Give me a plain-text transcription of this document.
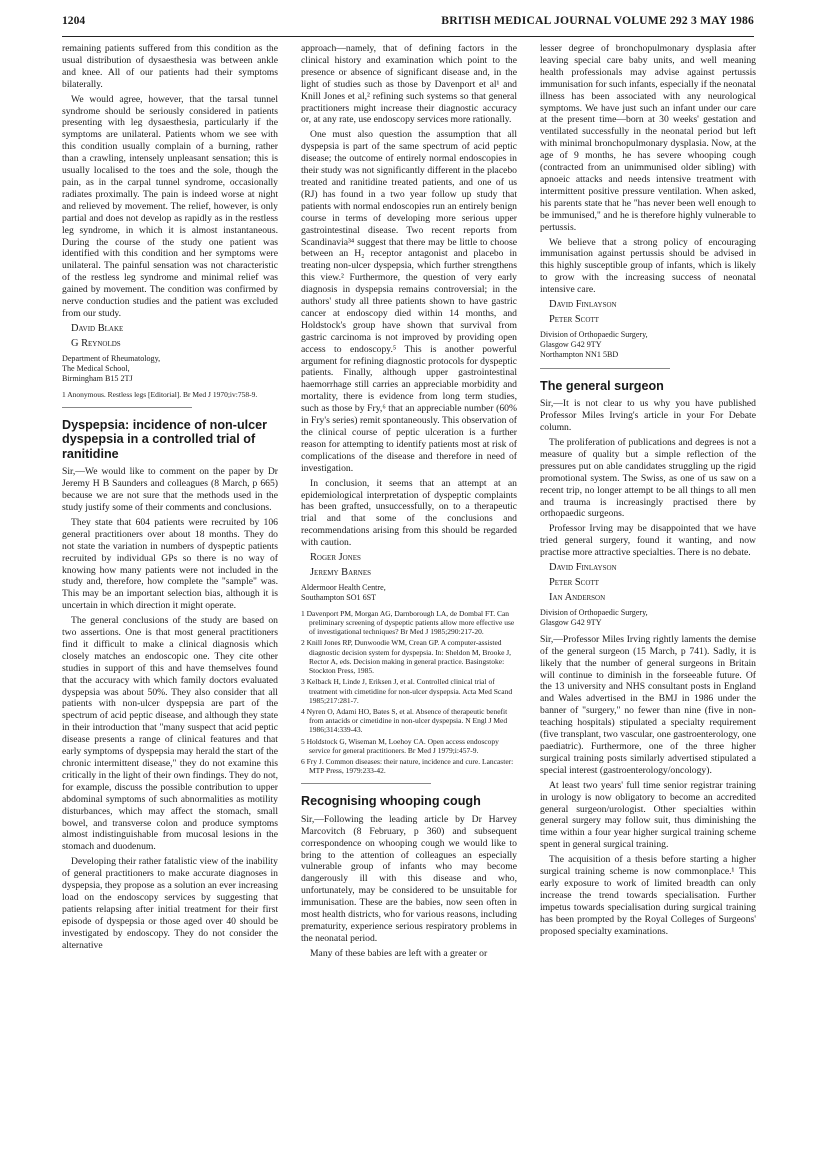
1204	BRITISH MEDICAL JOURNAL VOLUME 292 3 MAY 1986

remaining patients suffered from this condition as the usual distribution of dysaesthesia was between ankle and knee. All of our patients had their symptoms bilaterally.

We would agree, however, that the tarsal tunnel syndrome should be seriously considered in patients presenting with leg dysaesthesia, particularly if the symptoms are unilateral. Patients whom we see with this condition usually complain of a burning, rather than a crawling, intensely unpleasant sensation; this is usually localised to the toes and the sole, though the pain, as in the carpal tunnel syndrome, occasionally radiates proximally. The pain is indeed worse at night and relieved by movement. The relief, however, is only partial and does not develop as rapidly as in the restless leg syndrome, in which it is almost instantaneous. During the course of the study one patient was identified with this condition and her symptoms were unilateral. The painful sensation was not characteristic of the restless leg syndrome and minimal relief was gained by movement. The condition was confirmed by nerve conduction studies and the patient was excluded from our study.

David Blake

G Reynolds

Department of Rheumatology,
The Medical School,
Birmingham B15 2TJ
1 Anonymous. Restless legs [Editorial]. Br Med J 1970;iv:758-9.
Dyspepsia: incidence of non-ulcer dyspepsia in a controlled trial of ranitidine

Sir,—We would like to comment on the paper by Dr Jeremy H B Saunders and colleagues (8 March, p 665) because we are not sure that the methods used in the study justify some of their comments and conclusions.

They state that 604 patients were recruited by 106 general practitioners over about 18 months. They do not state the variation in numbers of dyspeptic patients recruited by individual GPs so there is no way of knowing how many patients were not included in the study and, therefore, how complete the "sample" was. This may be an important selection bias, although it is uncertain in which direction it might operate.

The general conclusions of the study are based on two assertions. One is that most general practitioners find it difficult to make a clinical diagnosis which closely matches an endoscopic one. They cite other studies in support of this and have themselves found that the accuracy with which family doctors evaluated dyspepsia was about 50%. They also consider that all patients with non-ulcer dyspepsia are part of the spectrum of acid peptic disease, and although they state in their introduction that "many suspect that acid peptic disease presents a range of clinical features and that early symptoms of dyspepsia may herald the start of the chronic intermittent disease," they do not examine this critically in the light of their own findings. They do not, for example, discuss the possible contribution to upper abdominal symptoms of such abnormalities as motility disturbances, which may affect the stomach, small bowel, and transverse colon and produce symptoms almost indistinguishable from mucosal lesions in the stomach and duodenum.

Developing their rather fatalistic view of the inability of general practitioners to make accurate diagnoses in dyspepsia, they propose as a solution an ever increasing load on the endoscopy services by suggesting that patients relapsing after initial treatment for their first episode of dyspepsia or those aged over 40 should be investigated by endoscopy. They do not consider the alternative

approach—namely, that of defining factors in the clinical history and examination which point to the presence or absence of significant disease and, in the light of studies such as those by Davenport et al¹ and Knill Jones et al,² refining such systems so that general practitioners might increase their diagnostic accuracy or, at any rate, use endoscopy services more rationally.

One must also question the assumption that all dyspepsia is part of the same spectrum of acid peptic disease; the outcome of entirely normal endoscopies in their study was not significantly different in the placebo treated and ranitidine treated patients, and one of us (RJ) has found in a two year follow up study that patients with normal endoscopies run an entirely benign course in terms of developing more serious upper gastrointestinal disease. Two recent reports from Scandinavia³⁴ suggest that there may be little to choose between an H₂ receptor antagonist and placebo in treating non-ulcer dyspepsia, which further strengthens this view.² Furthermore, the question of very early diagnosis in dyspepsia remains controversial; in the authors' study all three patients shown to have gastric cancer at endoscopy died within 14 months, and Holdstock's group have shown that survival from gastric carcinoma is not improved by providing open access to endoscopy.⁵ This is another powerful argument for refining diagnostic protocols for dyspeptic patients. Finally, although upper gastrointestinal haemorrhage still carries an appreciable morbidity and mortality, there is evidence from long term studies, such as those by Fry,⁶ that an appreciable number (60% in Fry's series) remit spontaneously. This observation of the clinical course of peptic ulceration is a further reason for attempting to identify patients most at risk of complications of the disease and therefore in need of investigation.

In conclusion, it seems that an attempt at an epidemiological interpretation of dyspeptic complaints has been grafted, unsuccessfully, on to a therapeutic trial and that some of the conclusions and recommendations arising from this should be regarded with caution.

Roger Jones

Jeremy Barnes

Aldermoor Health Centre,
Southampton SO1 6ST
1 Davenport PM, Morgan AG, Darnborough LA, de Dombal FT. Can preliminary screening of dyspeptic patients allow more effective use of investigational techniques? Br Med J 1985;290:217-20.
2 Knill Jones RP, Dunwoodie WM, Crean GP. A computer-assisted diagnostic decision system for dyspepsia. In: Sheldon M, Brooke J, Rector A, eds. Decision making in general practice. Basingstoke: Stockton Press, 1985.
3 Kelback H, Linde J, Eriksen J, et al. Controlled clinical trial of treatment with cimetidine for non-ulcer dyspepsia. Acta Med Scand 1985;217:281-7.
4 Nyren O, Adami HO, Bates S, et al. Absence of therapeutic benefit from antacids or cimetidine in non-ulcer dyspepsia. N Engl J Med 1986;314:339-43.
5 Holdstock G, Wiseman M, Loehoy CA. Open access endoscopy service for general practitioners. Br Med J 1979;i:457-9.
6 Fry J. Common diseases: their nature, incidence and cure. Lancaster: MTP Press, 1979:233-42.
Recognising whooping cough

Sir,—Following the leading article by Dr Harvey Marcovitch (8 February, p 360) and subsequent correspondence on whooping cough we would like to bring to the attention of colleagues an especially vulnerable group of infants who may become dangerously ill with this disease and who, unfortunately, may be considered to be unsuitable for immunisation. These are the babies, now seen often in most health districts, who for various reasons, including prematurity, experience serious respiratory problems in the neonatal period.

Many of these babies are left with a greater or

lesser degree of bronchopulmonary dysplasia after leaving special care baby units, and well meaning health professionals may advise against pertussis immunisation for such infants, especially if the neonatal illness has been associated with any neurological symptoms. We have just such an infant under our care at the present time—born at 30 weeks' gestation and ventilated successfully in the neonatal period but left with minimal bronchopulmonary dysplasia. Now, at the age of 9 months, he has severe whooping cough (contracted from an unimmunised older sibling) with apnoeic attacks and needs intensive treatment with intermittent positive pressure ventilation. When asked, his parents state that he "has never been well enough to be immunised," and he is therefore highly vulnerable to pertussis.

We believe that a strong policy of encouraging immunisation against pertussis should be advised in this highly susceptible group of infants, which is likely to grow with the increasing success of neonatal intensive care.

David Finlayson

Peter Scott

Division of Orthopaedic Surgery,
Glasgow G42 9TY
Northampton NN1 5BD
The general surgeon

Sir,—It is not clear to us why you have published Professor Miles Irving's article in your For Debate column.

The proliferation of publications and degrees is not a measure of quality but a simple reflection of the pressures put on able candidates struggling up the rigid promotional system. The Swiss, as one of us saw on a recent trip, no longer attempt to be all things to all men and trauma is increasingly practised there by orthopaedic surgeons.

Professor Irving may be disappointed that we have tried general surgery, found it wanting, and now practise more attractive specialties. There is no debate.

David Finlayson

Peter Scott

Ian Anderson

Division of Orthopaedic Surgery,
Glasgow G42 9TY

Sir,—Professor Miles Irving rightly laments the demise of the general surgeon (15 March, p 741). Sadly, it is likely that the number of general surgeons in Britain will continue to diminish in the forseeable future. Of the 13 university and NHS consultant posts in England and Wales advertised in the BMJ in 1986 under the banner of "surgery," no fewer than nine (five in non-teaching hospitals) stipulated a specialty requirement (five transplant, two vascular, one gastroenterology, one paediatric). Furthermore, one of the three higher surgical training posts similarly advertised stipulated a special interest (gastroenterology/oncology).

At least two years' full time senior registrar training in urology is now obligatory to become an accredited general surgeon/urologist. Other specialties within general surgery may follow suit, thus diminishing the time within a four year higher surgical training scheme spent in general surgical training.

The acquisition of a thesis before starting a higher surgical training scheme is now commonplace.¹ This early exposure to work of limited breadth can only increase the trend towards specialisation. Further impetus towards specialisation during surgical training has been prompted by the Royal Colleges of Surgeons' proposed specialty examinations.
